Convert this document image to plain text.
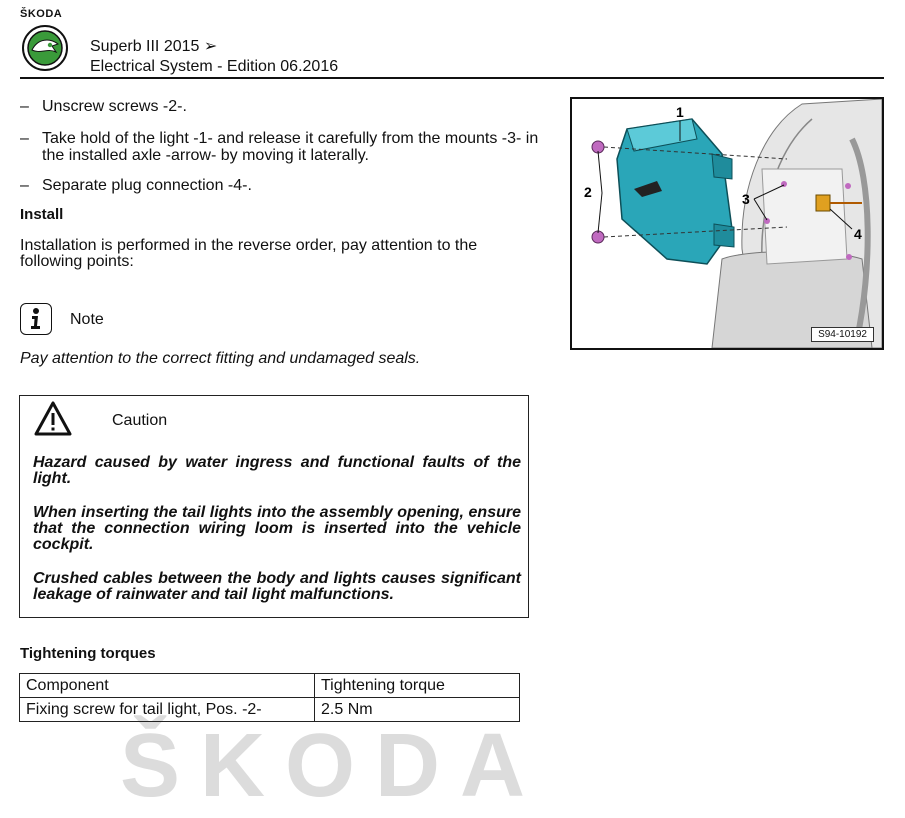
ŠKODA
ŠKODA
Superb III 2015 ➢
Electrical System - Edition 06.2016
– Unscrew screws -2-.
– Take hold of the light -1- and release it carefully from the mounts -3- in the installed axle -arrow- by moving it laterally.
– Separate plug connection -4-.
Install
Installation is performed in the reverse order, pay attention to the following points:
Note
Pay attention to the correct fitting and undamaged seals.
Caution
Hazard caused by water ingress and functional faults of the light.
When inserting the tail lights into the assembly opening, ensure that the connection wiring loom is inserted into the vehicle cockpit.
Crushed cables between the body and lights causes significant leakage of rainwater and tail light malfunctions.
Tightening torques
Component	Tightening torque
Fixing screw for tail light, Pos. -2-	2.5 Nm
1
2	3
4
S94-10192
